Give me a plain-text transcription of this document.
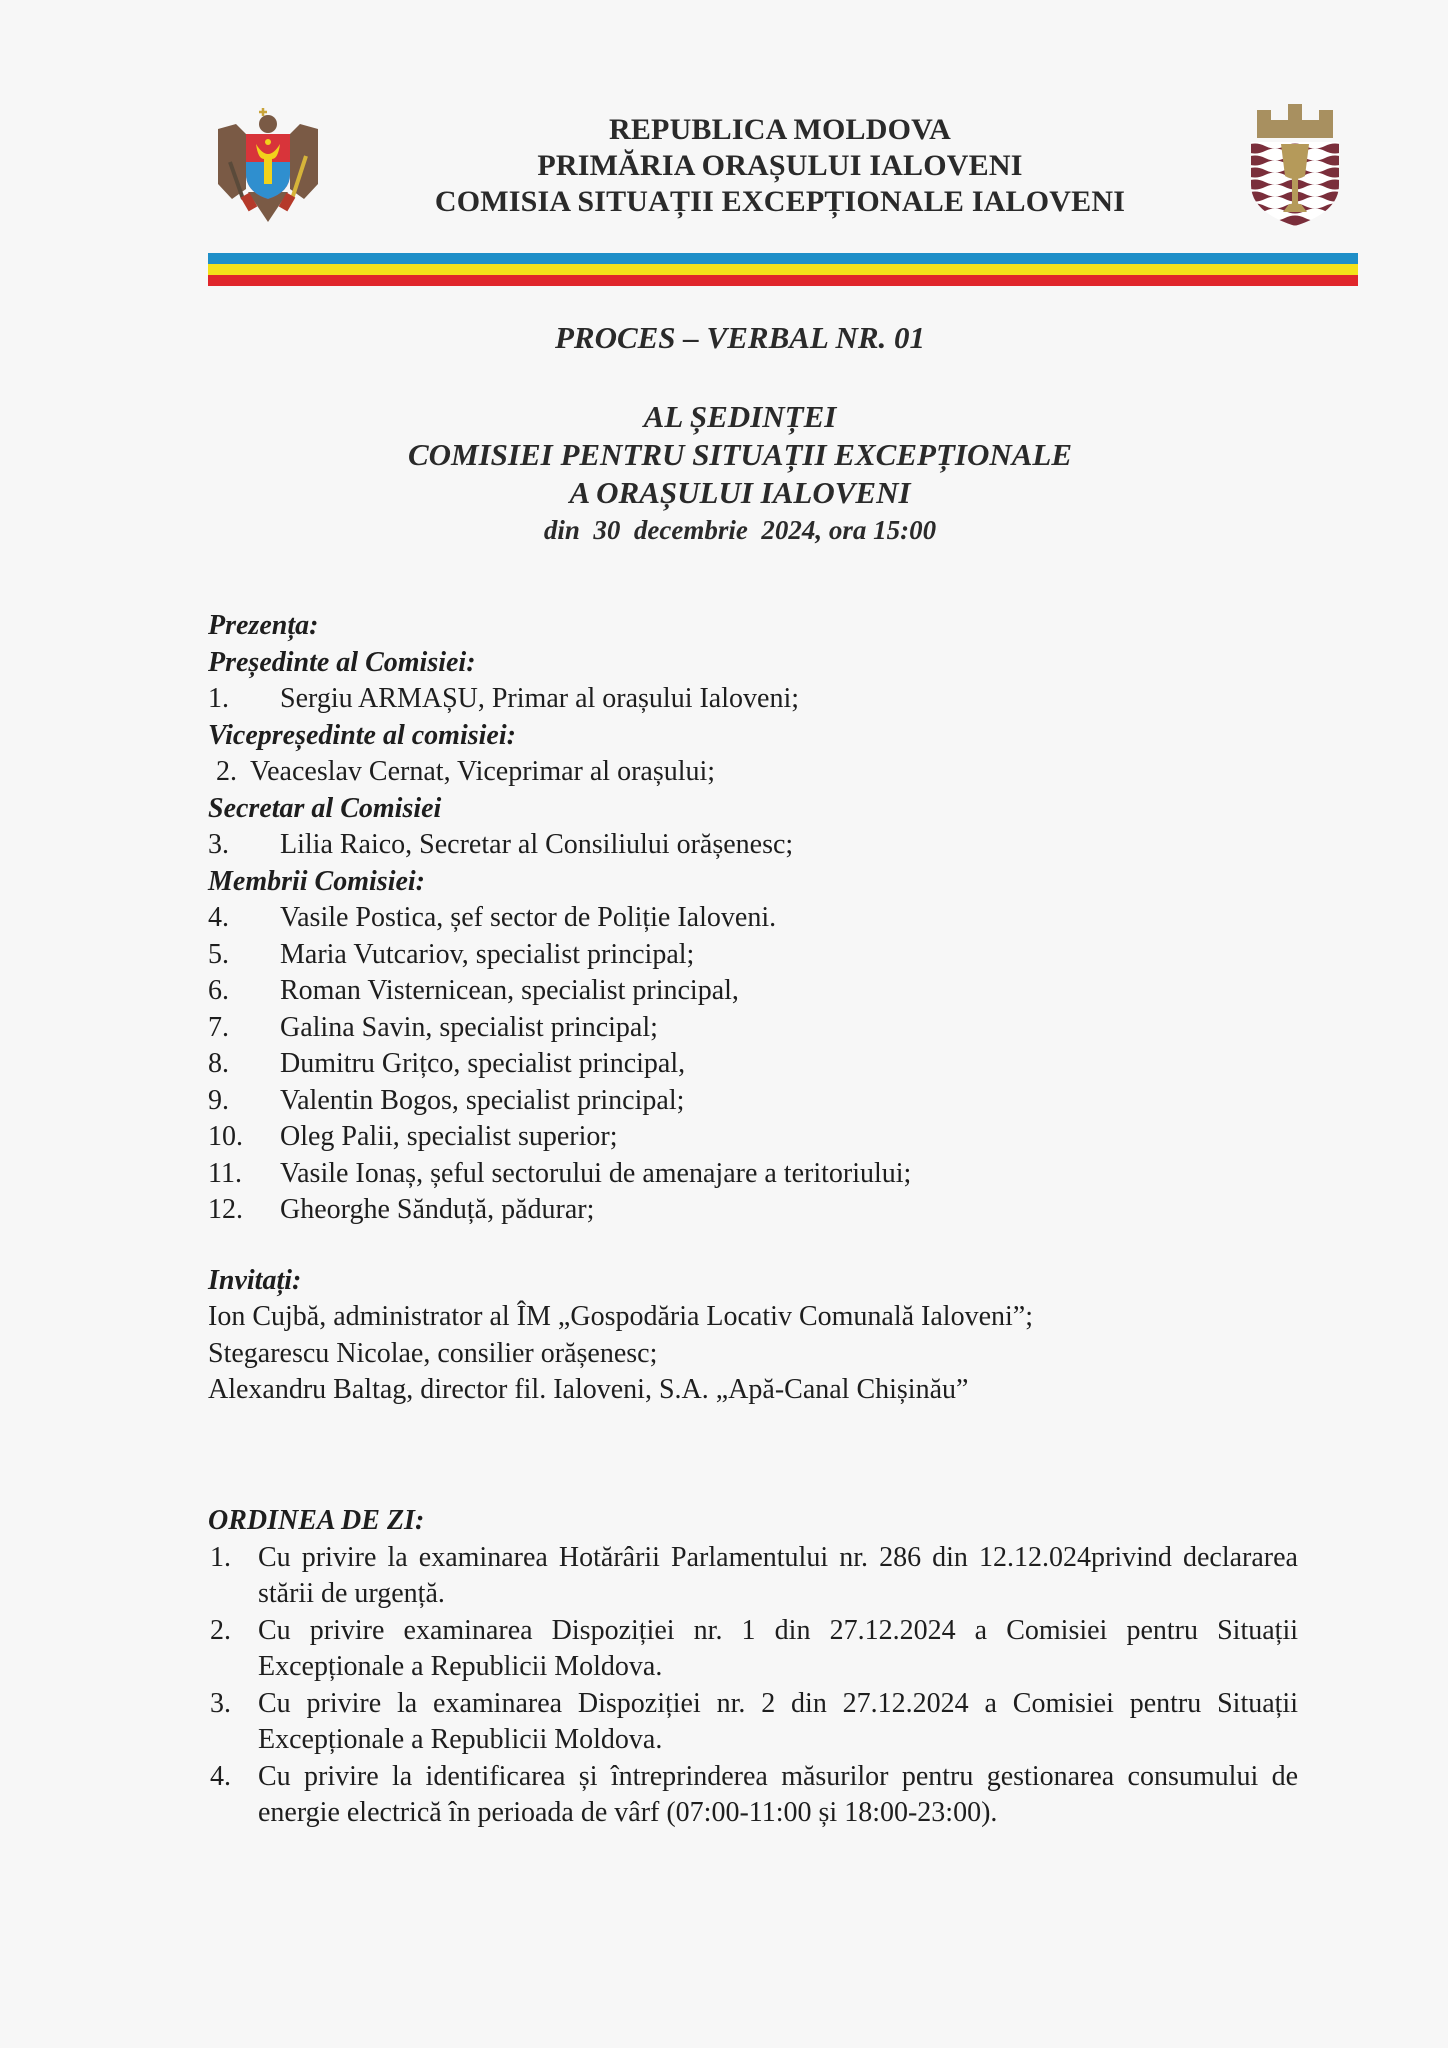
REPUBLICA MOLDOVA
PRIMĂRIA ORAȘULUI IALOVENI
COMISIA SITUAȚII EXCEPȚIONALE IALOVENI
PROCES – VERBAL NR. 01
AL ȘEDINȚEI
COMISIEI PENTRU SITUAȚII EXCEPȚIONALE
A ORAȘULUI IALOVENI
din  30  decembrie  2024, ora 15:00
Prezența:
Președinte al Comisiei:
1.	Sergiu ARMAȘU, Primar al orașului Ialoveni;
Vicepreședinte al comisiei:
2. Veaceslav Cernat, Viceprimar al orașului;
Secretar al Comisiei
3.	Lilia Raico, Secretar al Consiliului orășenesc;
Membrii Comisiei:
4.	Vasile Postica, șef sector de Poliție Ialoveni.
5.	Maria Vutcariov, specialist principal;
6.	Roman Visternicean, specialist principal,
7.	Galina Savin, specialist principal;
8.	Dumitru Grițco, specialist principal,
9.	Valentin Bogos, specialist principal;
10.	Oleg Palii, specialist superior;
11.	Vasile Ionaș, șeful sectorului de amenajare a teritoriului;
12.	Gheorghe Sănduță, pădurar;
Invitați:
Ion Cujbă, administrator al ÎM „Gospodăria Locativ Comunală Ialoveni”;
Stegarescu Nicolae, consilier orășenesc;
Alexandru Baltag, director fil. Ialoveni, S.A. „Apă-Canal Chișinău”
ORDINEA DE ZI:
1. Cu privire la examinarea Hotărârii Parlamentului nr. 286 din 12.12.024privind declararea stării de urgență.
2. Cu privire examinarea Dispoziției nr. 1 din 27.12.2024 a Comisiei pentru Situații Excepționale a Republicii Moldova.
3. Cu privire la examinarea Dispoziției nr. 2 din 27.12.2024 a Comisiei pentru Situații Excepționale a Republicii Moldova.
4. Cu privire la identificarea și întreprinderea măsurilor pentru gestionarea consumului de energie electrică în perioada de vârf (07:00-11:00 și 18:00-23:00).
